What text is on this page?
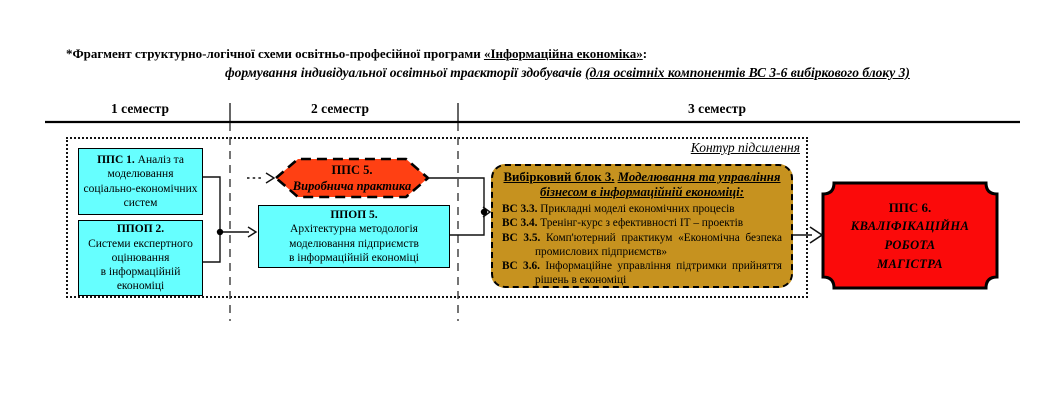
*Фрагмент структурно-логічної схеми освітньо-професійної програми «Інформаційна економіка»:
формування індивідуальної освітньої траєкторії здобувачів (для освітніх компонентів ВС 3-6 вибіркового блоку 3)
1 семестр	2 семестр	3 семестр
Контур підсилення
ППС 1. Аналіз та моделювання соціально-економічних систем
ППОП 2.
Системи експертного оцінювання в інформаційній економіці
ППС 5.
Виробнича практика
ППОП 5.
Архітектурна методологія моделювання підприємств в інформаційній економіці
Вибірковий блок 3. Моделювання та управління бізнесом в інформаційній економіці:
ВС 3.3. Прикладні моделі економічних процесів
ВС 3.4. Тренінг-курс з ефективності ІТ – проектів
ВС 3.5. Комп'ютерний практикум «Економічна безпека промислових підприємств»
ВС 3.6. Інформаційне управління підтримки прийняття рішень в економіці
ППС 6.
КВАЛІФІКАЦІЙНА
РОБОТА
МАГІСТРА
